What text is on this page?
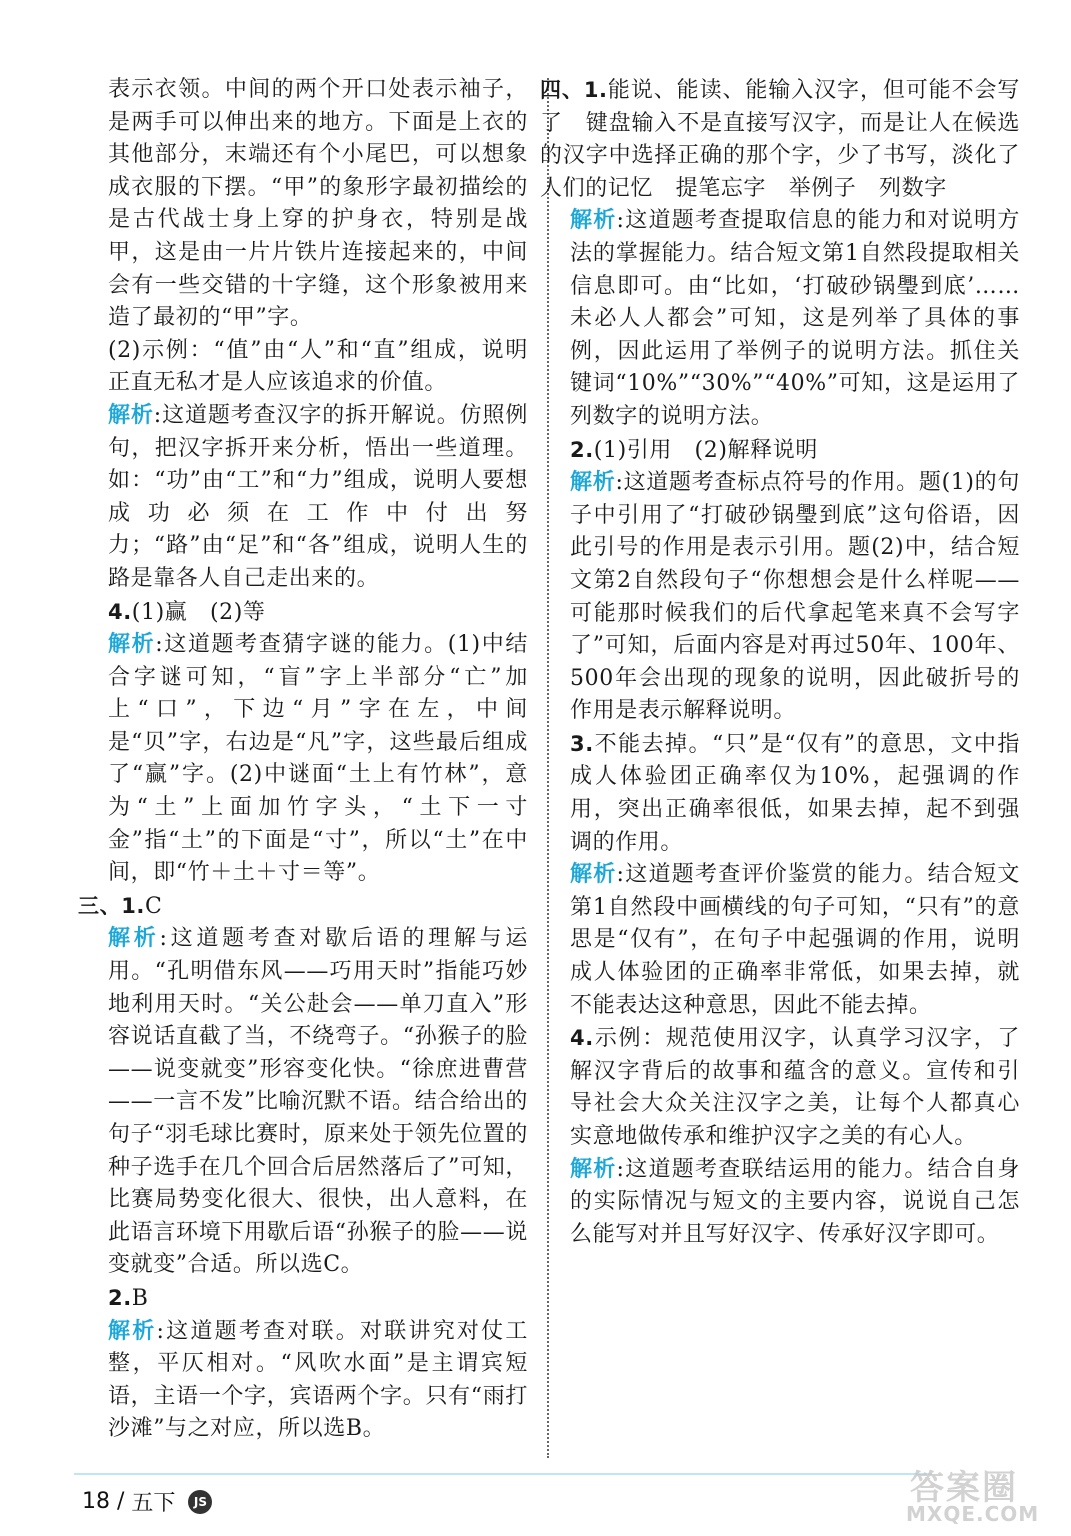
表示衣领。中间的两个开口处表示袖子，是两手可以伸出来的地方。下面是上衣的其他部分，末端还有个小尾巴，可以想象成衣服的下摆。“甲”的象形字最初描绘的是古代战士身上穿的护身衣，特别是战甲，这是由一片片铁片连接起来的，中间会有一些交错的十字缝，这个形象被用来造了最初的“甲”字。

(2)示例：“值”由“人”和“直”组成，说明正直无私才是人应该追求的价值。

解析:这道题考查汉字的拆开解说。仿照例句，把汉字拆开来分析，悟出一些道理。如：“功”由“工”和“力”组成，说明人要想成功必须在工作中付出努力；“路”由“足”和“各”组成，说明人生的路是靠各人自己走出来的。

4.(1)赢　(2)等

解析:这道题考查猜字谜的能力。(1)中结合字谜可知，“盲”字上半部分“亡”加上“口”，下边“月”字在左，中间是“贝”字，右边是“凡”字，这些最后组成了“赢”字。(2)中谜面“土上有竹林”，意为“土”上面加竹字头，“土下一寸金”指“土”的下面是“寸”，所以“土”在中间，即“竹＋土＋寸＝等”。

三、1.C

解析:这道题考查对歇后语的理解与运用。“孔明借东风——巧用天时”指能巧妙地利用天时。“关公赴会——单刀直入”形容说话直截了当，不绕弯子。“孙猴子的脸——说变就变”形容变化快。“徐庶进曹营——一言不发”比喻沉默不语。结合给出的句子“羽毛球比赛时，原来处于领先位置的种子选手在几个回合后居然落后了”可知，比赛局势变化很大、很快，出人意料，在此语言环境下用歇后语“孙猴子的脸——说变就变”合适。所以选C。

2.B

解析:这道题考查对联。对联讲究对仗工整，平仄相对。“风吹水面”是主谓宾短语，主语一个字，宾语两个字。只有“雨打沙滩”与之对应，所以选B。

四、1.能说、能读、能输入汉字，但可能不会写了　键盘输入不是直接写汉字，而是让人在候选的汉字中选择正确的那个字，少了书写，淡化了人们的记忆　提笔忘字　举例子　列数字

解析:这道题考查提取信息的能力和对说明方法的掌握能力。结合短文第1自然段提取相关信息即可。由“比如，‘打破砂锅璺到底’……未必人人都会”可知，这是列举了具体的事例，因此运用了举例子的说明方法。抓住关键词“10%”“30%”“40%”可知，这是运用了列数字的说明方法。

2.(1)引用　(2)解释说明

解析:这道题考查标点符号的作用。题(1)的句子中引用了“打破砂锅璺到底”这句俗语，因此引号的作用是表示引用。题(2)中，结合短文第2自然段句子“你想想会是什么样呢——可能那时候我们的后代拿起笔来真不会写字了”可知，后面内容是对再过50年、100年、500年会出现的现象的说明，因此破折号的作用是表示解释说明。

3.不能去掉。“只”是“仅有”的意思，文中指成人体验团正确率仅为10%，起强调的作用，突出正确率很低，如果去掉，起不到强调的作用。

解析:这道题考查评价鉴赏的能力。结合短文第1自然段中画横线的句子可知，“只有”的意思是“仅有”，在句子中起强调的作用，说明成人体验团的正确率非常低，如果去掉，就不能表达这种意思，因此不能去掉。

4.示例：规范使用汉字，认真学习汉字，了解汉字背后的故事和蕴含的意义。宣传和引导社会大众关注汉字之美，让每个人都真心实意地做传承和维护汉字之美的有心人。

解析:这道题考查联结运用的能力。结合自身的实际情况与短文的主要内容，说说自己怎么能写对并且写好汉字、传承好汉字即可。

18 / 五下 JS	答案圈
MXQE.COM
